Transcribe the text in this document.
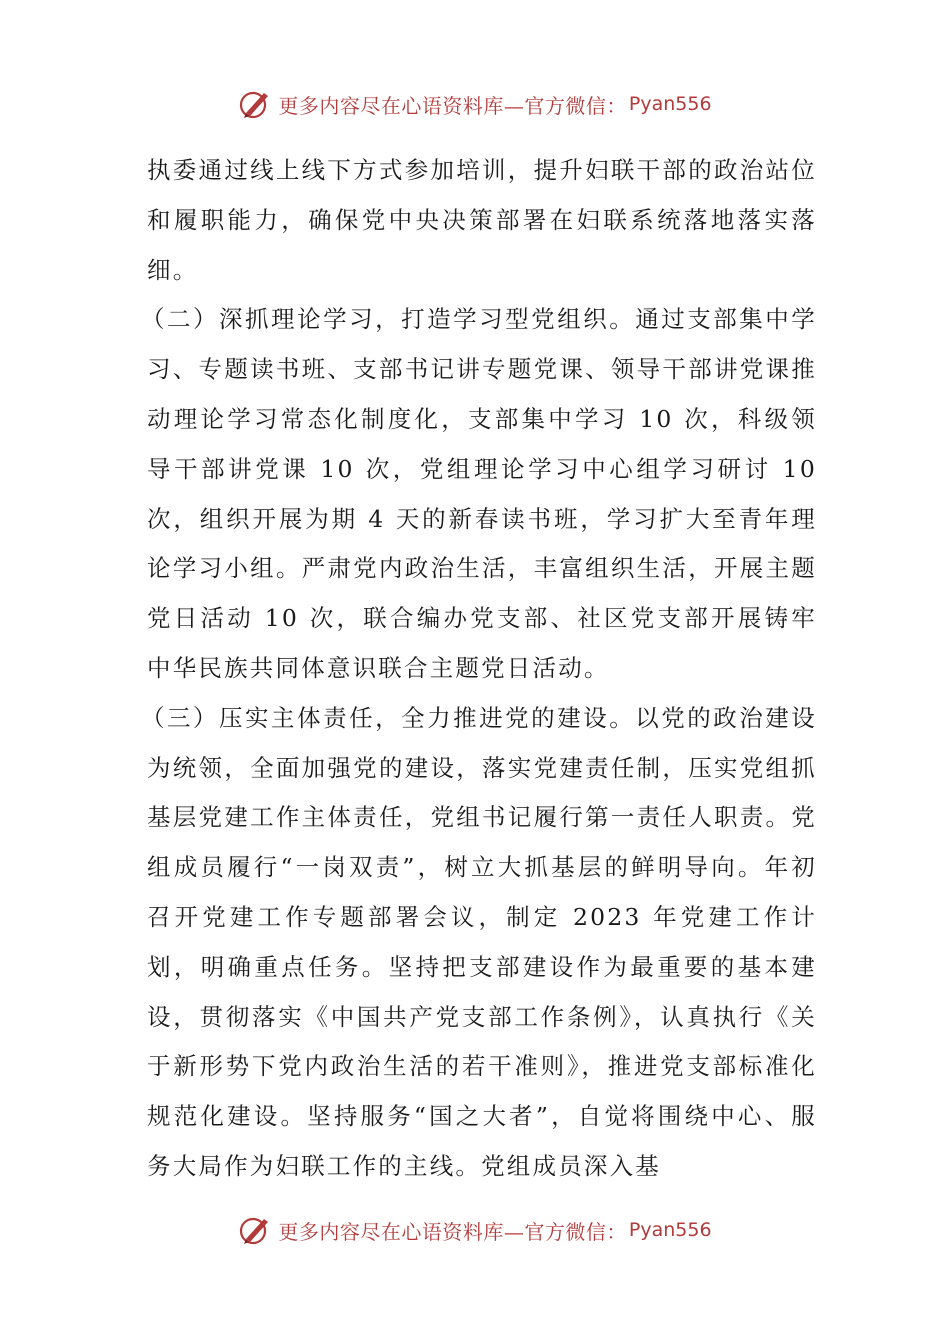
更多内容尽在心语资料库—官方微信： Pyan556

执委通过线上线下方式参加培训，提升妇联干部的政治站位和履职能力，确保党中央决策部署在妇联系统落地落实落细。

（二）深抓理论学习，打造学习型党组织。通过支部集中学习、专题读书班、支部书记讲专题党课、领导干部讲党课推动理论学习常态化制度化，支部集中学习 10 次，科级领导干部讲党课 10 次，党组理论学习中心组学习研讨 10 次，组织开展为期 4 天的新春读书班，学习扩大至青年理论学习小组。严肃党内政治生活，丰富组织生活，开展主题党日活动 10 次，联合编办党支部、社区党支部开展铸牢中华民族共同体意识联合主题党日活动。

（三）压实主体责任，全力推进党的建设。以党的政治建设为统领，全面加强党的建设，落实党建责任制，压实党组抓基层党建工作主体责任，党组书记履行第一责任人职责。党组成员履行“一岗双责”，树立大抓基层的鲜明导向。年初召开党建工作专题部署会议，制定 2023 年党建工作计划，明确重点任务。坚持把支部建设作为最重要的基本建设，贯彻落实《中国共产党支部工作条例》，认真执行《关于新形势下党内政治生活的若干准则》，推进党支部标准化规范化建设。坚持服务“国之大者”，自觉将围绕中心、服务大局作为妇联工作的主线。党组成员深入基

更多内容尽在心语资料库—官方微信： Pyan556
